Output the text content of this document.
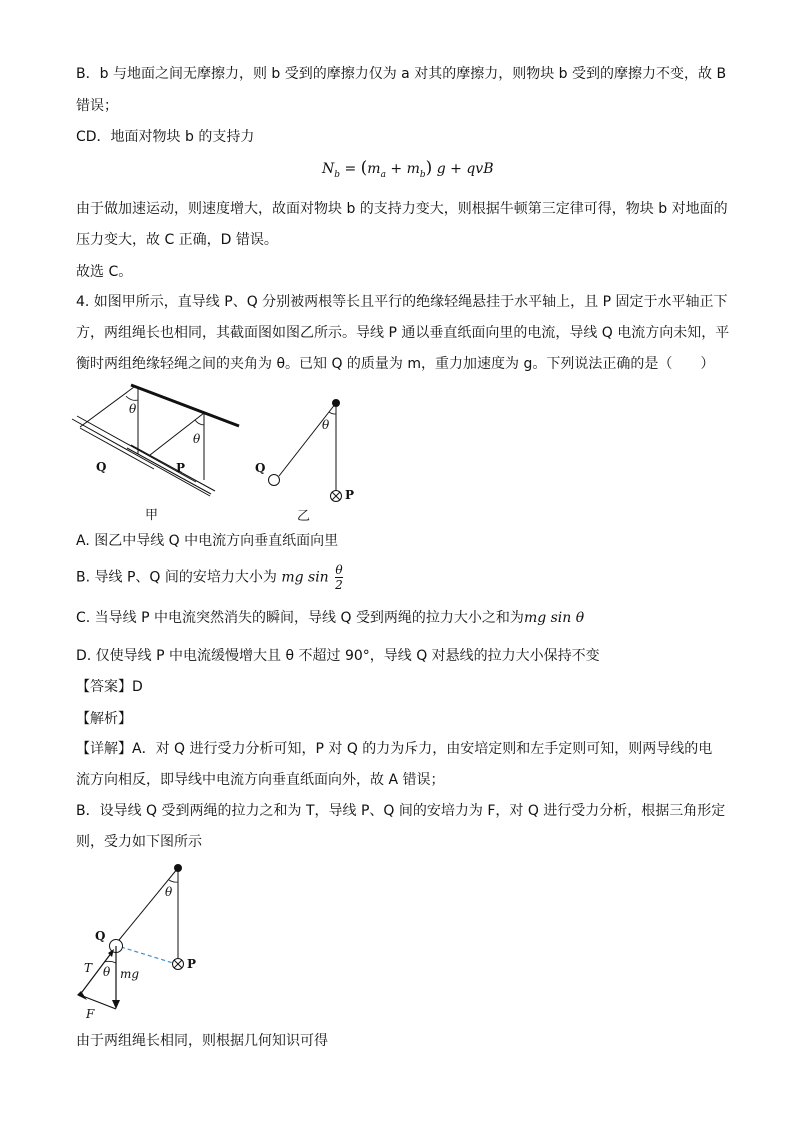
B．b 与地面之间无摩擦力，则 b 受到的摩擦力仅为 a 对其的摩擦力，则物块 b 受到的摩擦力不变，故 B
错误；
CD．地面对物块 b 的支持力
$N_b = (m_a + m_b) g$ + qvB
由于做加速运动，则速度增大，故面对物块 b 的支持力变大，则根据牛顿第三定律可得，物块 b 对地面的
压力变大，故 C 正确，D 错误。
故选 C。
4. 如图甲所示，直导线 P、Q 分别被两根等长且平行的绝缘轻绳悬挂于水平轴上，且 P 固定于水平轴正下
方，两组绳长也相同，其截面图如图乙所示。导线 P 通以垂直纸面向里的电流，导线 Q 电流方向未知，平
衡时两组绝缘轻绳之间的夹角为 θ。已知 Q 的质量为 m，重力加速度为 g。下列说法正确的是（　　）
θ
θ
Q	P
甲
θ
Q
P
乙
A. 图乙中导线 Q 中电流方向垂直纸面向里
B. 导线 P、Q 间的安培力大小为 mg $\sin \frac{\theta}{2}$
C. 当导线 P 中电流突然消失的瞬间，导线 Q 受到两绳的拉力大小之和为mg sin θ
D. 仅使导线 P 中电流缓慢增大且 θ 不超过 90°，导线 Q 对悬线的拉力大小保持不变
【答案】D
【解析】
【详解】A．对 Q 进行受力分析可知，P 对 Q 的力为斥力，由安培定则和左手定则可知，则两导线的电
流方向相反，即导线中电流方向垂直纸面向外，故 A 错误；
B．设导线 Q 受到两绳的拉力之和为 T，导线 P、Q 间的安培力为 F，对 Q 进行受力分析，根据三角形定
则，受力如下图所示
θ
Q
P
T θ mg
F
由于两组绳长相同，则根据几何知识可得
